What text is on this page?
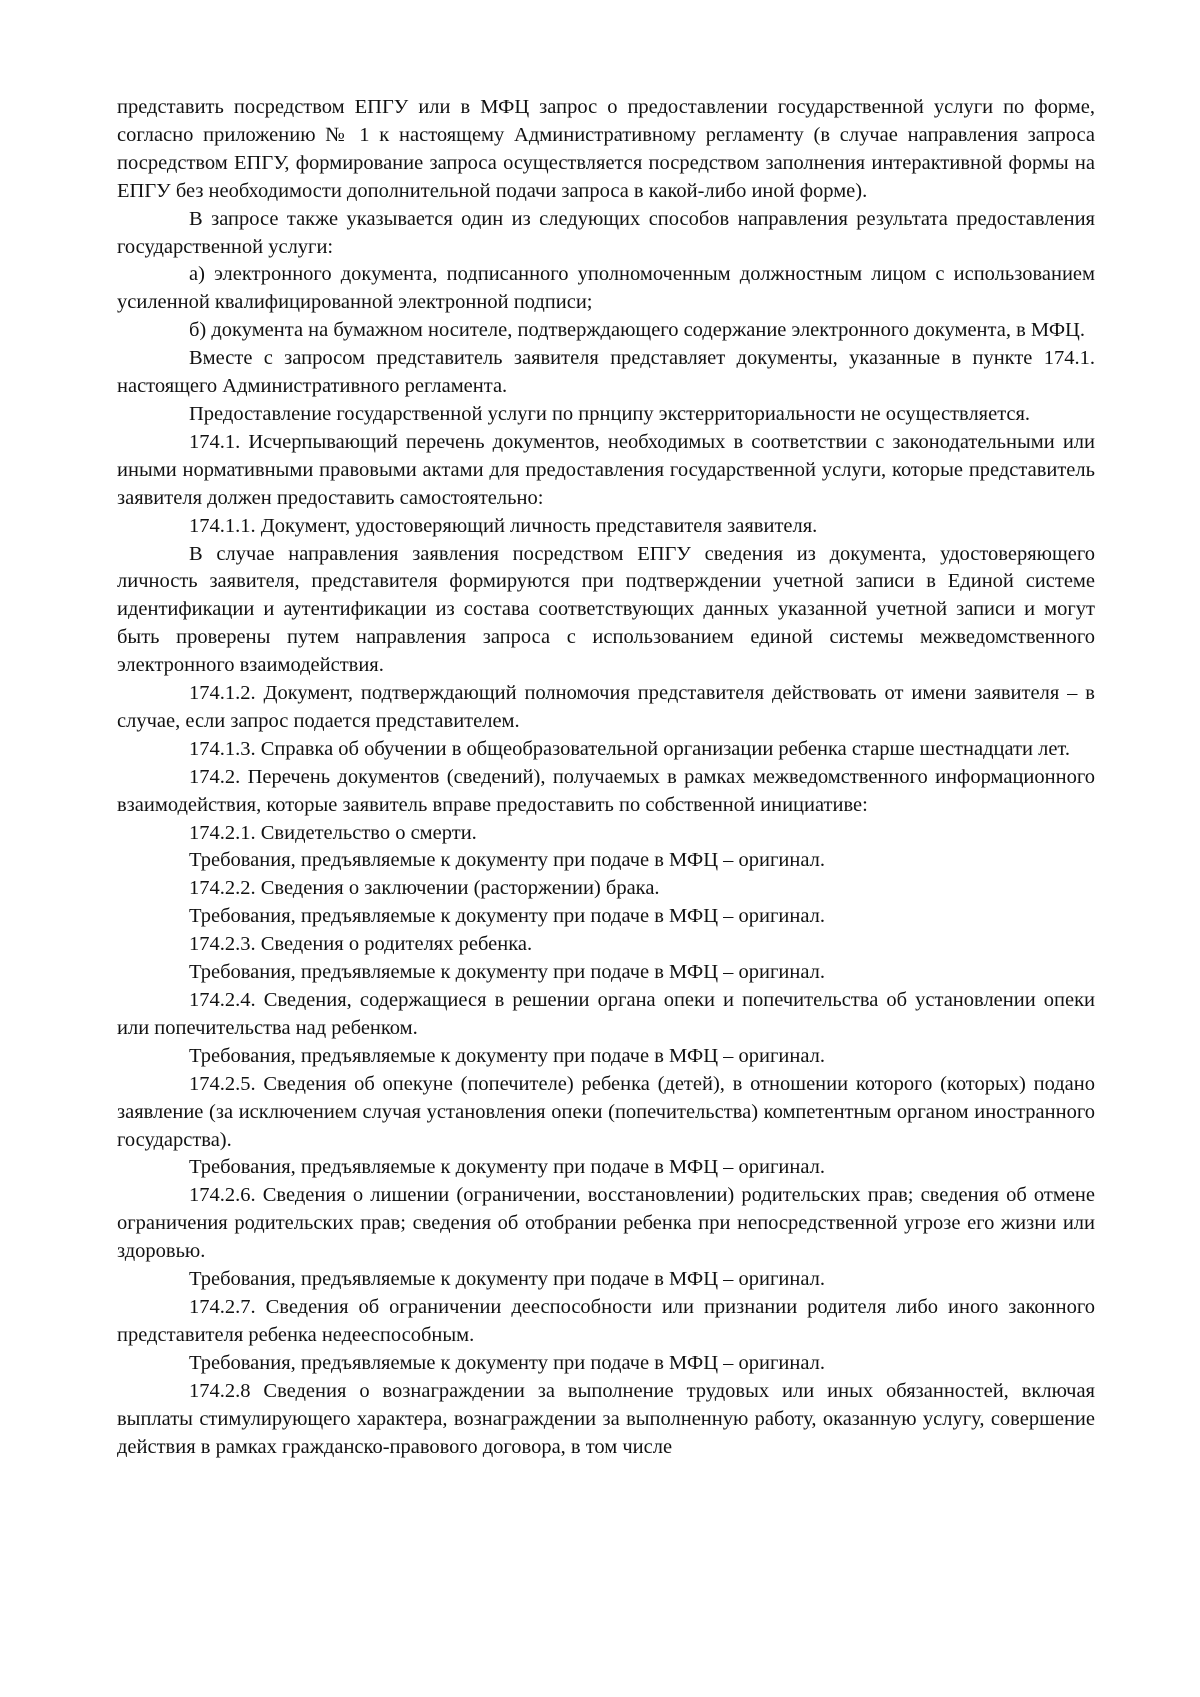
представить посредством ЕПГУ или в МФЦ запрос о предоставлении государственной услуги по форме, согласно приложению № 1 к настоящему Административному регламенту (в случае направления запроса посредством ЕПГУ, формирование запроса осуществляется посредством заполнения интерактивной формы на ЕПГУ без необходимости дополнительной подачи запроса в какой-либо иной форме).

В запросе также указывается один из следующих способов направления результата предоставления государственной услуги:

а) электронного документа, подписанного уполномоченным должностным лицом с использованием усиленной квалифицированной электронной подписи;

б) документа на бумажном носителе, подтверждающего содержание электронного документа, в МФЦ.

Вместе с запросом представитель заявителя представляет документы, указанные в пункте 174.1. настоящего Административного регламента.

Предоставление государственной услуги по прнципу экстерриториальности не осуществляется.

174.1. Исчерпывающий перечень документов, необходимых в соответствии с законодательными или иными нормативными правовыми актами для предоставления государственной услуги, которые представитель заявителя должен предоставить самостоятельно:

174.1.1. Документ, удостоверяющий личность представителя заявителя.

В случае направления заявления посредством ЕПГУ сведения из документа, удостоверяющего личность заявителя, представителя формируются при подтверждении учетной записи в Единой системе идентификации и аутентификации из состава соответствующих данных указанной учетной записи и могут быть проверены путем направления запроса с использованием единой системы межведомственного электронного взаимодействия.

174.1.2. Документ, подтверждающий полномочия представителя действовать от имени заявителя – в случае, если запрос подается представителем.

174.1.3. Справка об обучении в общеобразовательной организации ребенка старше шестнадцати лет.

174.2. Перечень документов (сведений), получаемых в рамках межведомственного информационного взаимодействия, которые заявитель вправе предоставить по собственной инициативе:

174.2.1. Свидетельство о смерти.

Требования, предъявляемые к документу при подаче в МФЦ – оригинал.

174.2.2. Сведения о заключении (расторжении) брака.

Требования, предъявляемые к документу при подаче в МФЦ – оригинал.

174.2.3. Сведения о родителях ребенка.

Требования, предъявляемые к документу при подаче в МФЦ – оригинал.

174.2.4. Сведения, содержащиеся в решении органа опеки и попечительства об установлении опеки или попечительства над ребенком.

Требования, предъявляемые к документу при подаче в МФЦ – оригинал.

174.2.5. Сведения об опекуне (попечителе) ребенка (детей), в отношении которого (которых) подано заявление (за исключением случая установления опеки (попечительства) компетентным органом иностранного государства).

Требования, предъявляемые к документу при подаче в МФЦ – оригинал.

174.2.6. Сведения о лишении (ограничении, восстановлении) родительских прав; сведения об отмене ограничения родительских прав; сведения об отобрании ребенка при непосредственной угрозе его жизни или здоровью.

Требования, предъявляемые к документу при подаче в МФЦ – оригинал.

174.2.7. Сведения об ограничении дееспособности или признании родителя либо иного законного представителя ребенка недееспособным.

Требования, предъявляемые к документу при подаче в МФЦ – оригинал.

174.2.8 Сведения о вознаграждении за выполнение трудовых или иных обязанностей, включая выплаты стимулирующего характера, вознаграждении за выполненную работу, оказанную услугу, совершение действия в рамках гражданско-правового договора, в том числе
